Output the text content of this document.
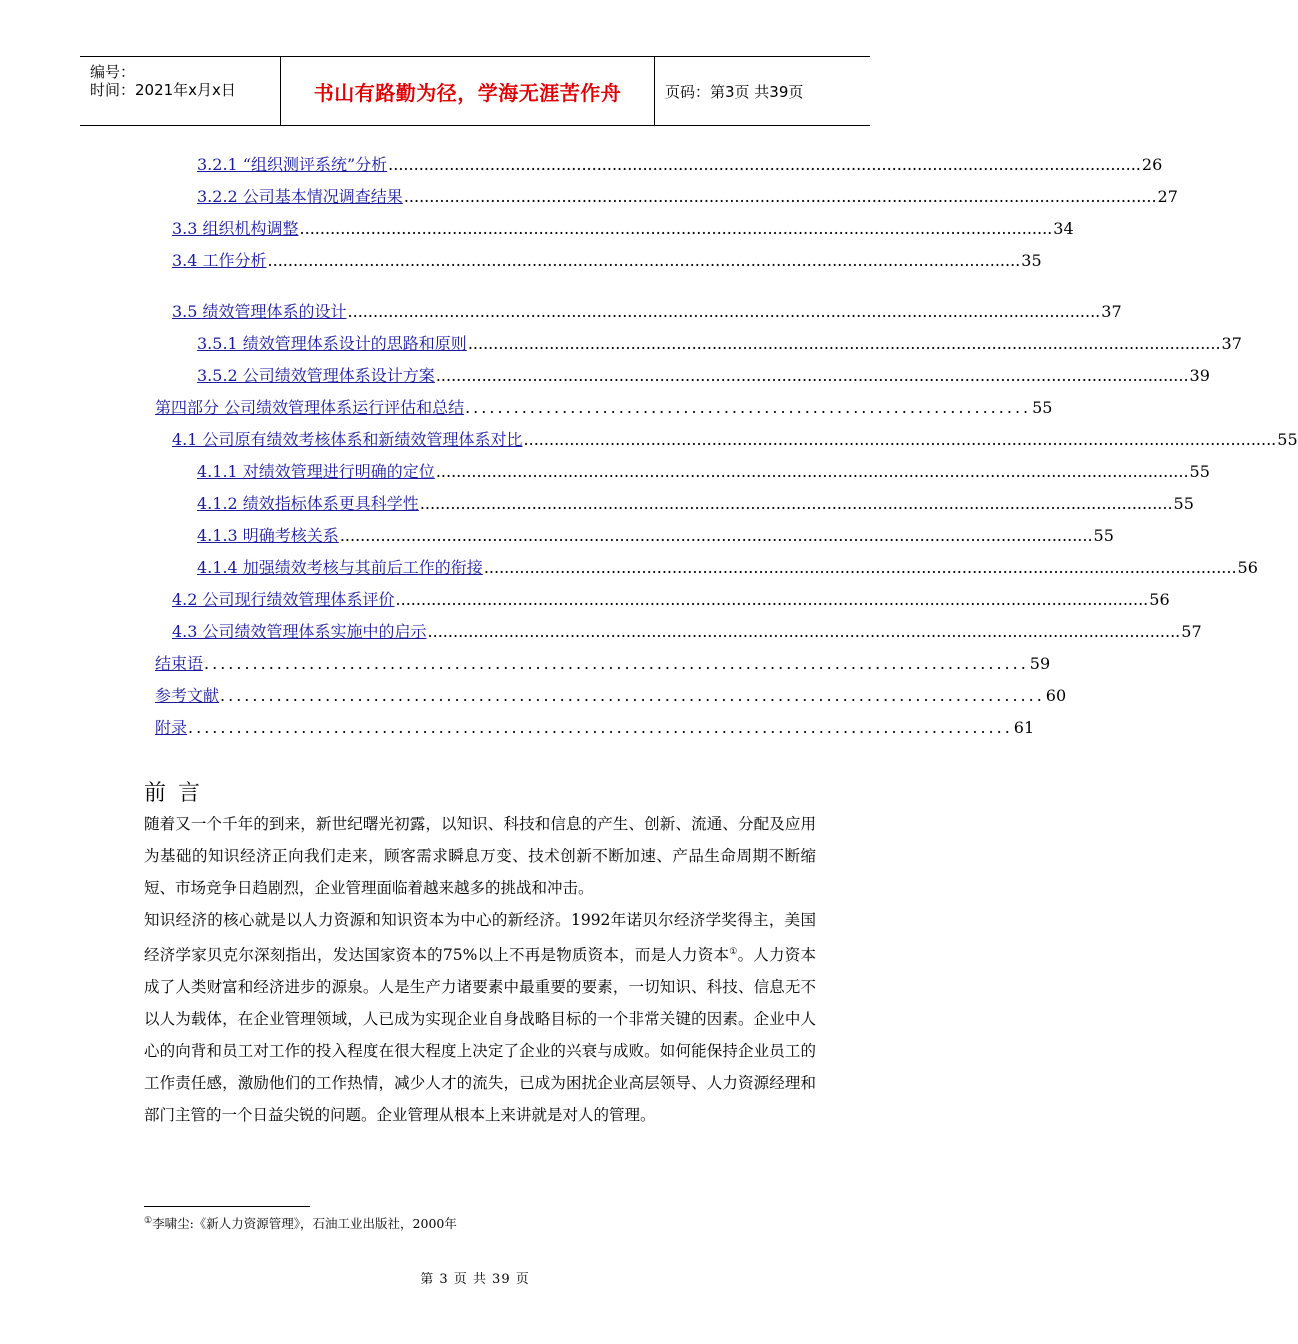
编号：
时间：2021年x月x日	书山有路勤为径，学海无涯苦作舟	页码：第3页 共39页
3.2.1 “组织测评系统”分析 .................................................................................................................................................... 26
3.2.2 公司基本情况调查结果 .................................................................................................................................................... 27
3.3 组织机构调整 .................................................................................................................................................... 34
3.4 工作分析 .................................................................................................................................................... 35
3.5 绩效管理体系的设计 .................................................................................................................................................... 37
3.5.1 绩效管理体系设计的思路和原则 .................................................................................................................................................... 37
3.5.2 公司绩效管理体系设计方案 .................................................................................................................................................... 39
第四部分 公司绩效管理体系运行评估和总结 ...................................................................... 55
4.1 公司原有绩效考核体系和新绩效管理体系对比 .................................................................................................................................................... 55
4.1.1 对绩效管理进行明确的定位 .................................................................................................................................................... 55
4.1.2 绩效指标体系更具科学性 .................................................................................................................................................... 55
4.1.3 明确考核关系 .................................................................................................................................................... 55
4.1.4 加强绩效考核与其前后工作的衔接 .................................................................................................................................................... 56
4.2 公司现行绩效管理体系评价 .................................................................................................................................................... 56
4.3 公司绩效管理体系实施中的启示 .................................................................................................................................................... 57
结束语 ...................................................................................................... 59
参考文献 ...................................................................................................... 60
附录 ...................................................................................................... 61
前言
随着又一个千年的到来，新世纪曙光初露，以知识、科技和信息的产生、创新、流通、分配及应用为基础的知识经济正向我们走来，顾客需求瞬息万变、技术创新不断加速、产品生命周期不断缩短、市场竞争日趋剧烈，企业管理面临着越来越多的挑战和冲击。
知识经济的核心就是以人力资源和知识资本为中心的新经济。1992年诺贝尔经济学奖得主，美国经济学家贝克尔深刻指出，发达国家资本的75%以上不再是物质资本，而是人力资本①。人力资本成了人类财富和经济进步的源泉。人是生产力诸要素中最重要的要素，一切知识、科技、信息无不以人为载体，在企业管理领域，人已成为实现企业自身战略目标的一个非常关键的因素。企业中人心的向背和员工对工作的投入程度在很大程度上决定了企业的兴衰与成败。如何能保持企业员工的工作责任感，激励他们的工作热情，减少人才的流失，已成为困扰企业高层领导、人力资源经理和部门主管的一个日益尖锐的问题。企业管理从根本上来讲就是对人的管理。
①李啸尘:《新人力资源管理》，石油工业出版社，2000年
第 3 页 共 39 页
